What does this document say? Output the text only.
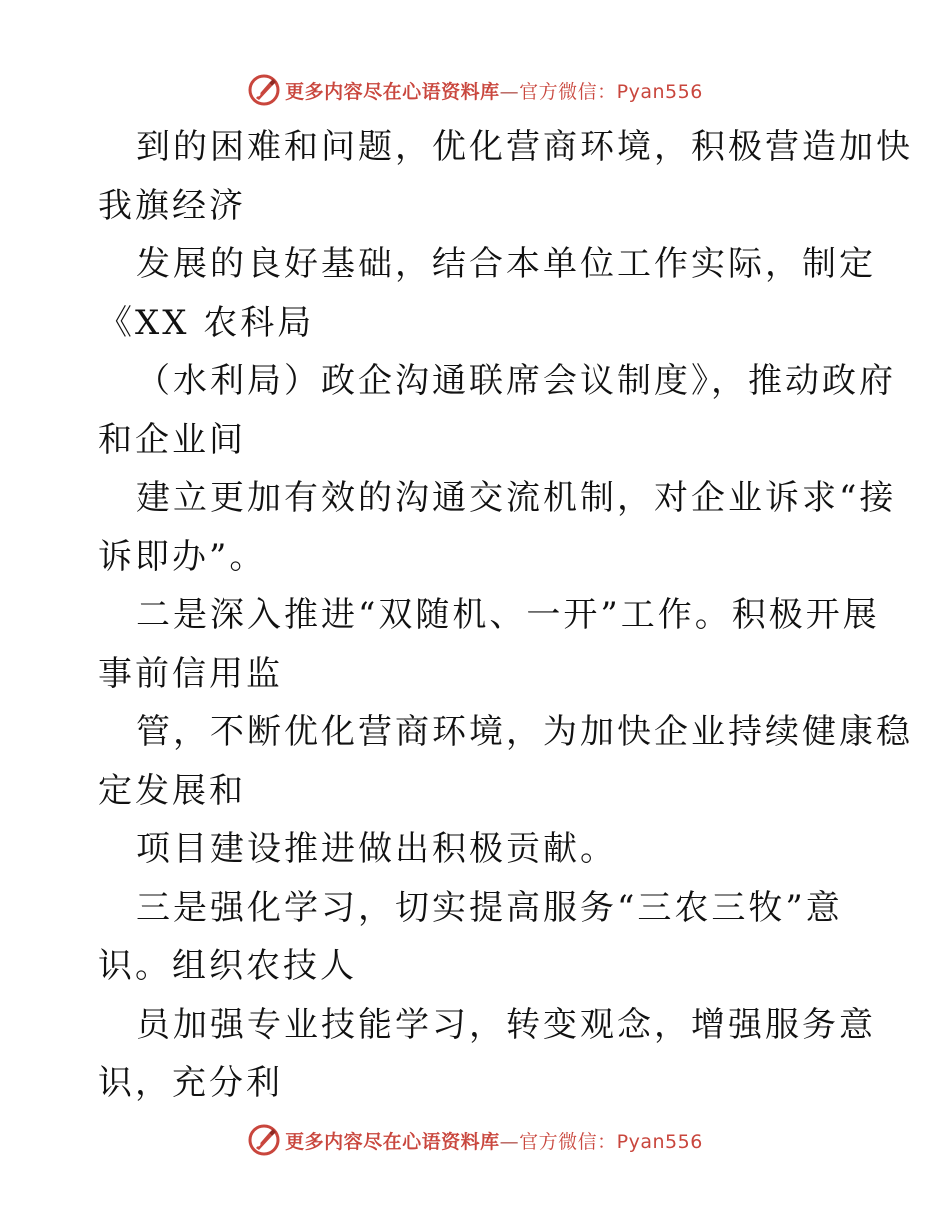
更多内容尽在心语资料库—官方微信：Pyan556
到的困难和问题，优化营商环境，积极营造加快
我旗经济
发展的良好基础，结合本单位工作实际，制定
《XX 农科局
（水利局）政企沟通联席会议制度》，推动政府
和企业间
建立更加有效的沟通交流机制，对企业诉求“接
诉即办”。
二是深入推进“双随机、一开”工作。积极开展
事前信用监
管，不断优化营商环境，为加快企业持续健康稳
定发展和
项目建设推进做出积极贡献。
三是强化学习，切实提高服务“三农三牧”意
识。组织农技人
员加强专业技能学习，转变观念，增强服务意
识，充分利
更多内容尽在心语资料库—官方微信：Pyan556
